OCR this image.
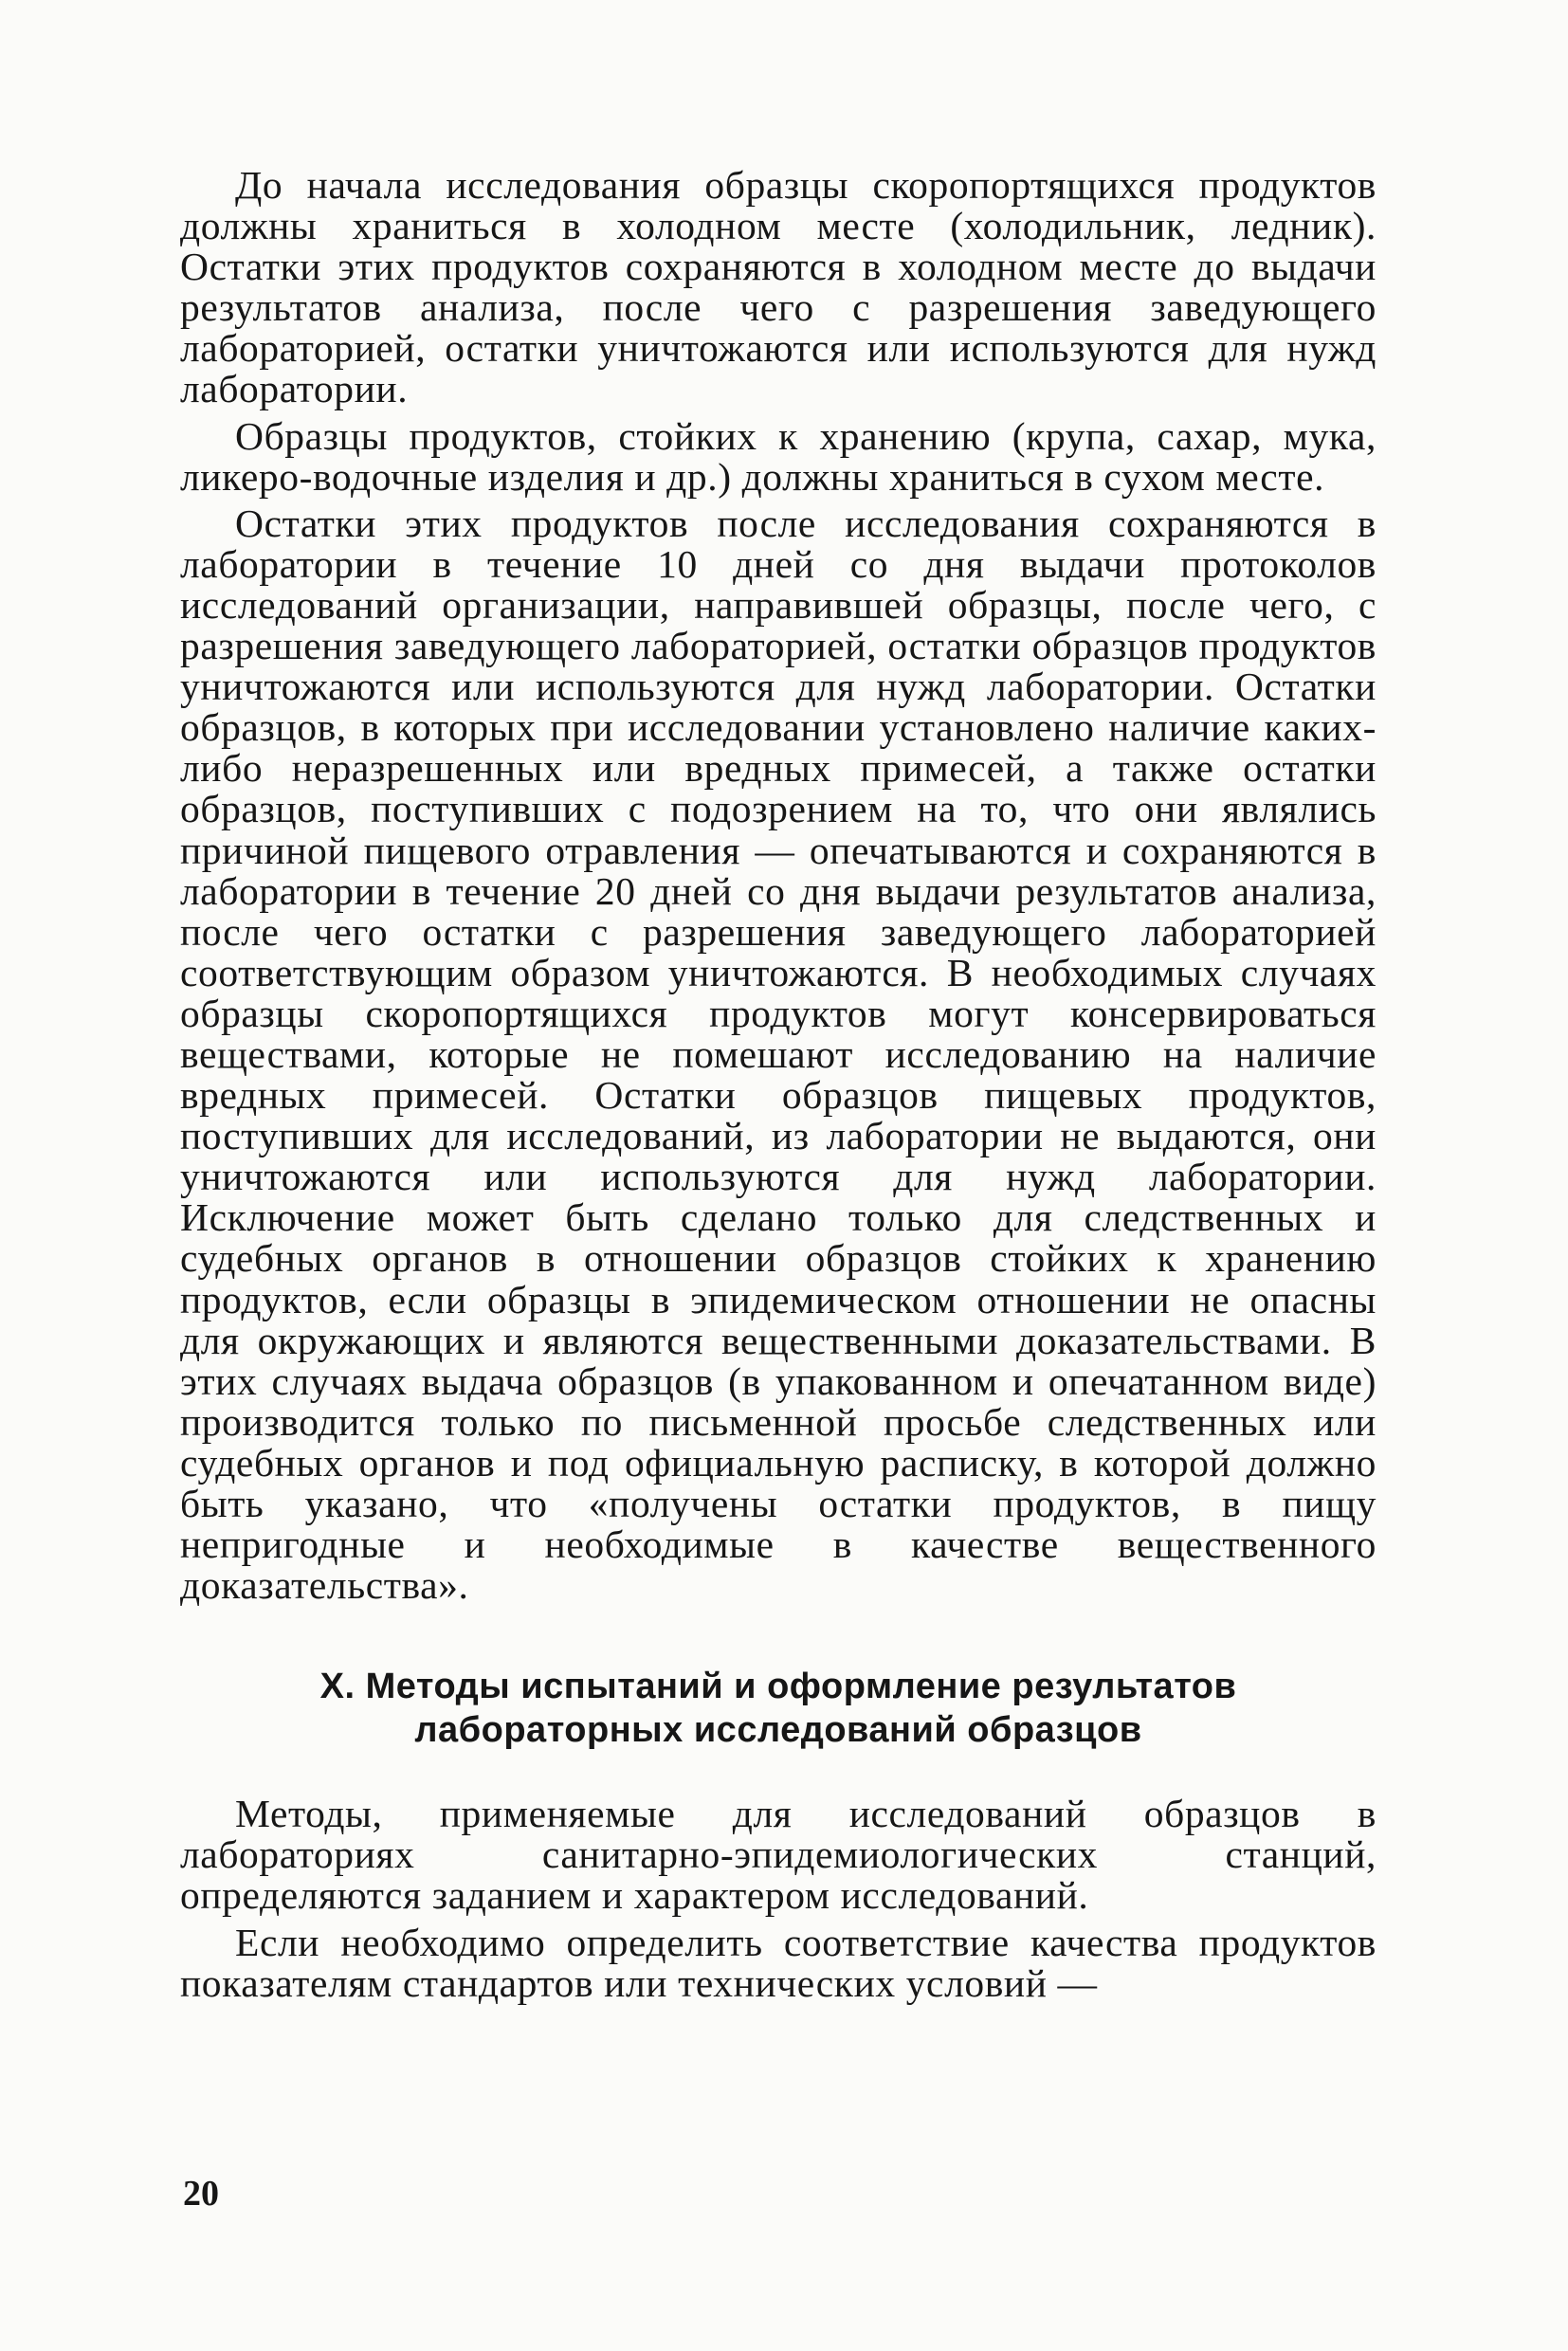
До начала исследования образцы скоропортящихся продуктов должны храниться в холодном месте (холодильник, ледник). Остатки этих продуктов сохраняются в холодном месте до выдачи результатов анализа, после чего с разрешения заведующего лабораторией, остатки уничтожаются или используются для нужд лаборатории.

Образцы продуктов, стойких к хранению (крупа, сахар, мука, ликеро-водочные изделия и др.) должны храниться в сухом месте.

Остатки этих продуктов после исследования сохраняются в лаборатории в течение 10 дней со дня выдачи протоколов исследований организации, направившей образцы, после чего, с разрешения заведующего лабораторией, остатки образцов продуктов уничтожаются или используются для нужд лаборатории. Остатки образцов, в которых при исследовании установлено наличие каких-либо неразрешенных или вредных примесей, а также остатки образцов, поступивших с подозрением на то, что они являлись причиной пищевого отравления — опечатываются и сохраняются в лаборатории в течение 20 дней со дня выдачи результатов анализа, после чего остатки с разрешения заведующего лабораторией соответствующим образом уничтожаются. В необходимых случаях образцы скоропортящихся продуктов могут консервироваться веществами, которые не помешают исследованию на наличие вредных примесей. Остатки образцов пищевых продуктов, поступивших для исследований, из лаборатории не выдаются, они уничтожаются или используются для нужд лаборатории. Исключение может быть сделано только для следственных и судебных органов в отношении образцов стойких к хранению продуктов, если образцы в эпидемическом отношении не опасны для окружающих и являются вещественными доказательствами. В этих случаях выдача образцов (в упакованном и опечатанном виде) производится только по письменной просьбе следственных или судебных органов и под официальную расписку, в которой должно быть указано, что «получены остатки продуктов, в пищу непригодные и необходимые в качестве вещественного доказательства».

X. Методы испытаний и оформление результатов
лабораторных исследований образцов

Методы, применяемые для исследований образцов в лабораториях санитарно-эпидемиологических станций, определяются заданием и характером исследований.

Если необходимо определить соответствие качества продуктов показателям стандартов или технических условий —

20
